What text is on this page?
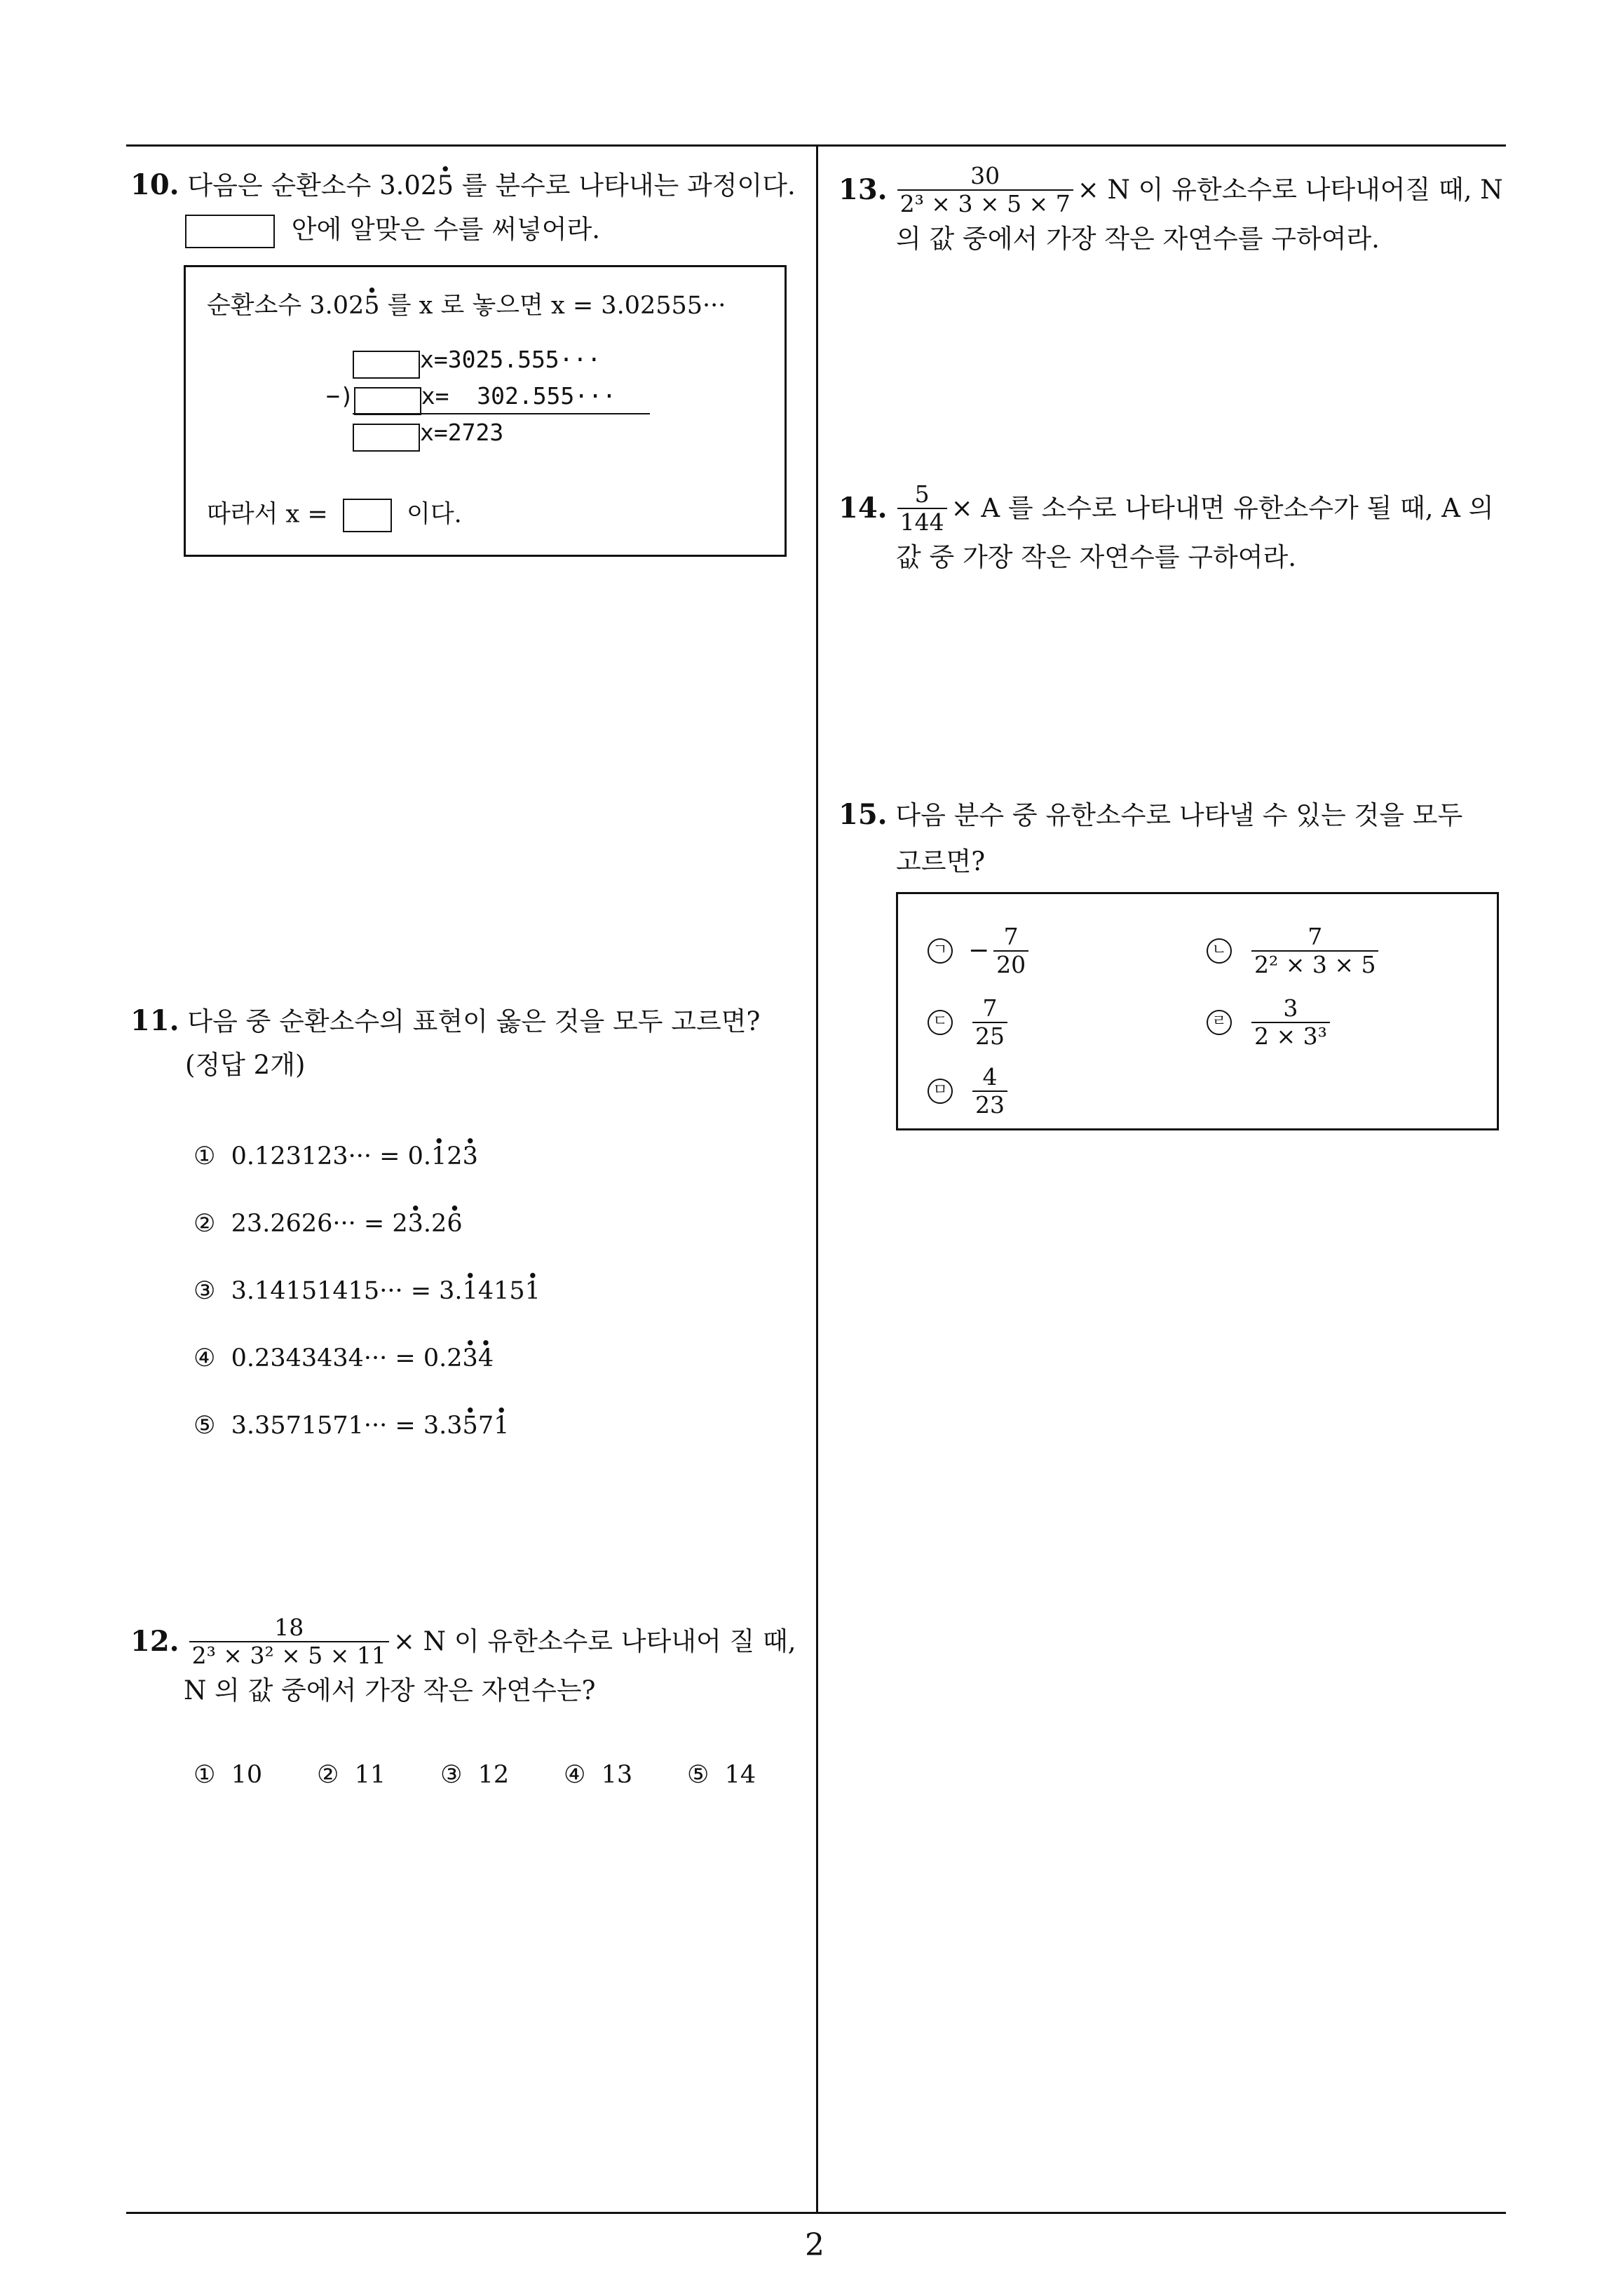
2
10. 다음은 순환소수 3.02· 5 를 분수로 나타내는 과정이다.
안에 알맞은 수를 써넣어라.
순환소수 3.02· 5 를 x 로 놓으면 x = 3.02555···
x=3025.555···
−)	x=  302.555···
x=2723
따라서 x =	이다.
11. 다음 중 순환소수의 표현이 옳은 것을 모두 고르면?
(정답 2개)
① 0.123123··· = 0.· 12· 3
② 23.2626··· = 2· 3.2· 6
③ 3.14151415··· = 3.· 1415· 1
④ 0.2343434··· = 0.2· 3· 4
⑤ 3.3571571··· = 3.3· 57· 1
12. $\frac{18}{\text{2³ × 3² × 5 × 11}} \times N$ 이 유한소수로 나타내어 질 때,
N 의 값 중에서 가장 작은 자연수는?
① 10 ② 11 ③ 12 ④ 13 ⑤ 14
13. $\frac{30}{\text{2³ × 3 × 5 × 7}} \times N$ 이 유한소수로 나타내어질 때, N
의 값 중에서 가장 작은 자연수를 구하여라.
14. $\frac{5}{144} \times A$ 를 소수로 나타내면 유한소수가 될 때, A 의
값 중 가장 작은 자연수를 구하여라.
15. 다음 분수 중 유한소수로 나타낼 수 있는 것을 모두
고르면?
ㄱ − $\frac{7}{20}$	ㄴ $\frac{7}{\text{2² × 3 × 5}}$
ㄷ $\frac{7}{25}$	ㄹ $\frac{3}{\text{2 × 3³}}$
ㅁ $\frac{4}{23}$
